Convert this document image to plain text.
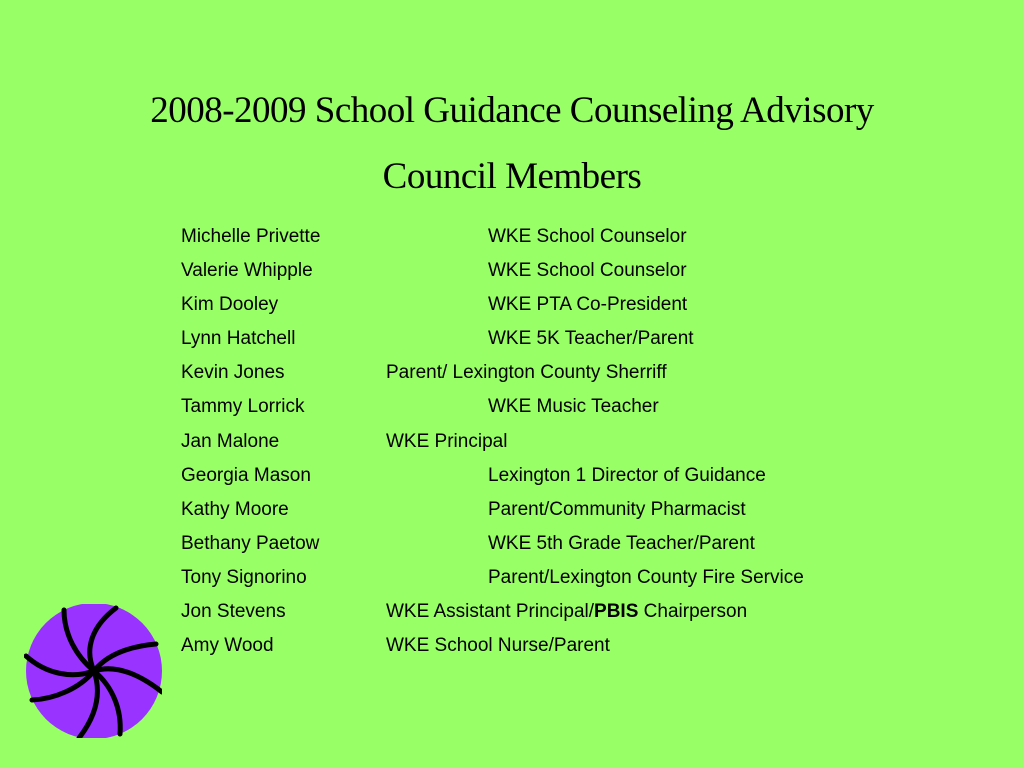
2008-2009 School Guidance Counseling Advisory
Council Members
Michelle Privette	WKE School Counselor
Valerie Whipple	WKE School Counselor
Kim Dooley	WKE PTA Co-President
Lynn Hatchell	WKE 5K Teacher/Parent
Kevin Jones	Parent/ Lexington County Sherriff
Tammy Lorrick	WKE Music Teacher
Jan Malone	WKE Principal
Georgia Mason	Lexington 1 Director of Guidance
Kathy Moore	Parent/Community Pharmacist
Bethany Paetow	WKE 5th Grade Teacher/Parent
Tony Signorino	Parent/Lexington County Fire Service
Jon Stevens	WKE Assistant Principal/PBIS Chairperson
Amy Wood	WKE School Nurse/Parent
